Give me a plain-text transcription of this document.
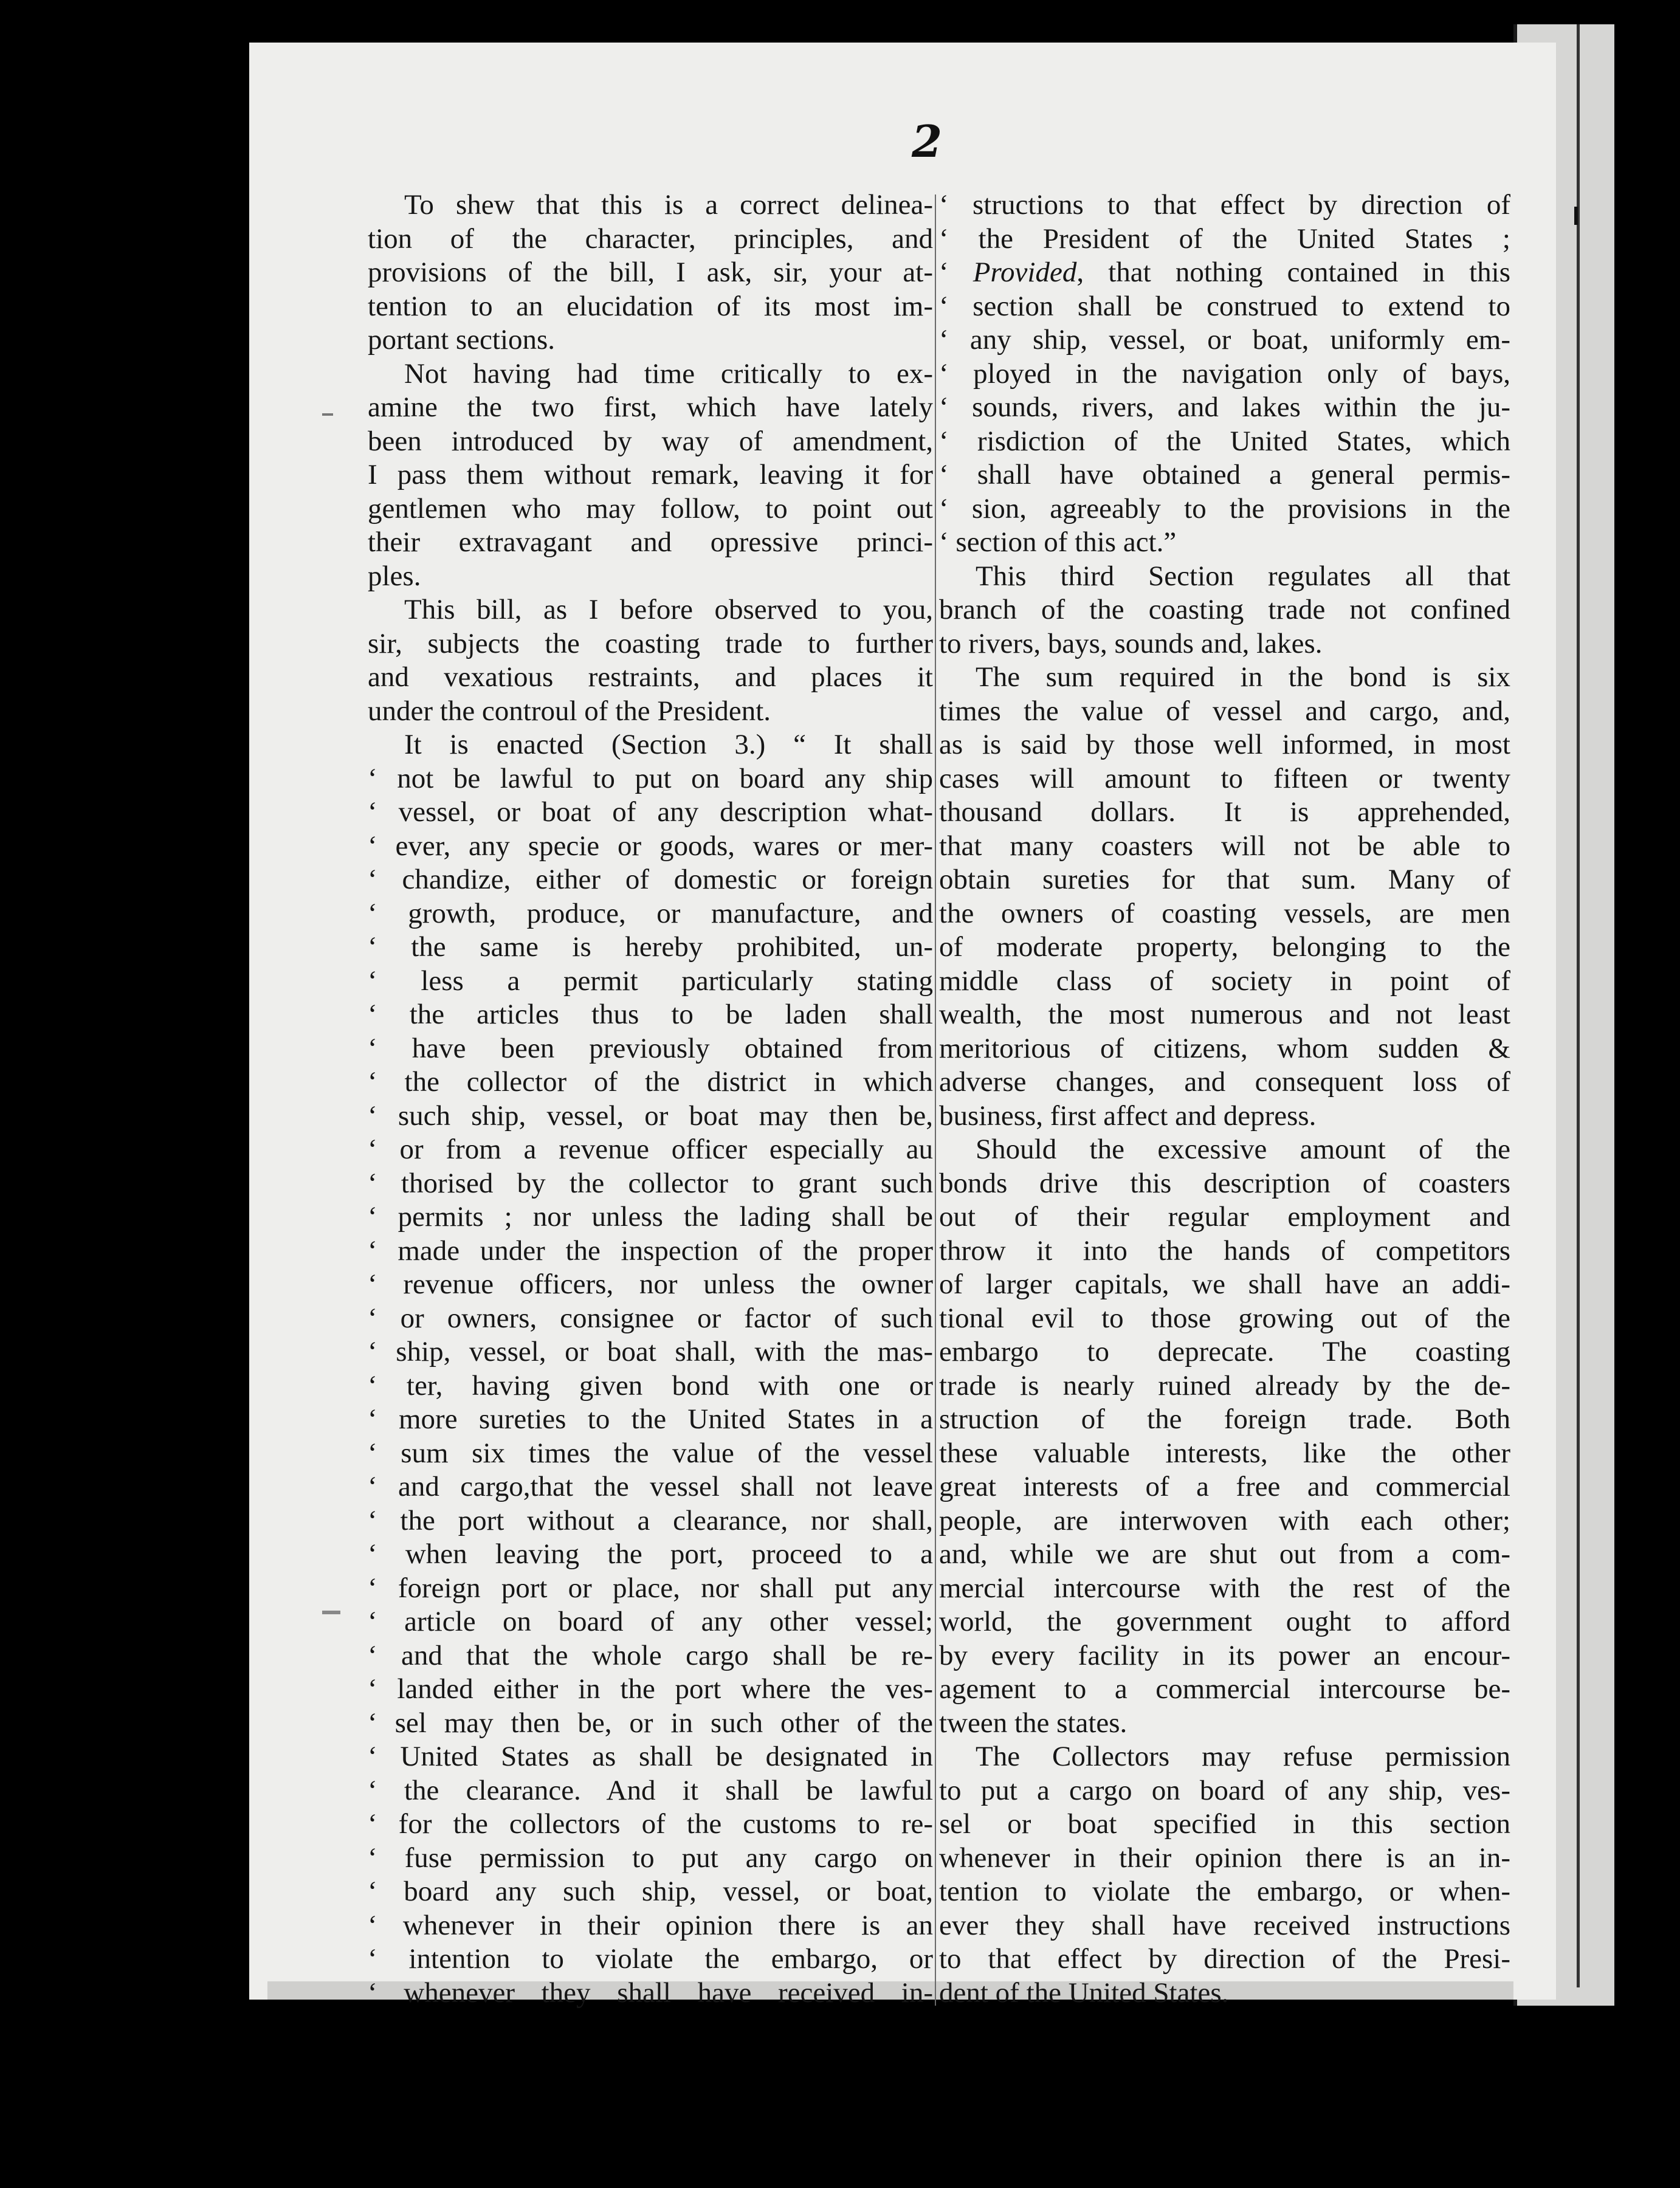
2
To shew that this is a correct delinea-
tion of the character, principles, and
provisions of the bill, I ask, sir, your at-
tention to an elucidation of its most im-
portant sections.
Not having had time critically to ex-
amine the two first, which have lately
been introduced by way of amendment,
I pass them without remark, leaving it for
gentlemen who may follow, to point out
their extravagant and opressive princi-
ples.
This bill, as I before observed to you,
sir, subjects the coasting trade to further
and vexatious restraints, and places it
under the controul of the President.
It is enacted (Section 3.) “ It shall
‘ not be lawful to put on board any ship
‘ vessel, or boat of any description what-
‘ ever, any specie or goods, wares or mer-
‘ chandize, either of domestic or foreign
‘ growth, produce, or manufacture, and
‘ the same is hereby prohibited, un-
‘ less a permit particularly stating
‘ the articles thus to be laden shall
‘ have been previously obtained from
‘ the collector of the district in which
‘ such ship, vessel, or boat may then be,
‘ or from a revenue officer especially au
‘ thorised by the collector to grant such
‘ permits ; nor unless the lading shall be
‘ made under the inspection of the proper
‘ revenue officers, nor unless the owner
‘ or owners, consignee or factor of such
‘ ship, vessel, or boat shall, with the mas-
‘ ter, having given bond with one or
‘ more sureties to the United States in a
‘ sum six times the value of the vessel
‘ and cargo,that the vessel shall not leave
‘ the port without a clearance, nor shall,
‘ when leaving the port, proceed to a
‘ foreign port or place, nor shall put any
‘ article on board of any other vessel;
‘ and that the whole cargo shall be re-
‘ landed either in the port where the ves-
‘ sel may then be, or in such other of the
‘ United States as shall be designated in
‘ the clearance. And it shall be lawful
‘ for the collectors of the customs to re-
‘ fuse permission to put any cargo on
‘ board any such ship, vessel, or boat,
‘ whenever in their opinion there is an
‘ intention to violate the embargo, or
‘ whenever they shall have received in-
‘ structions to that effect by direction of
‘ the President of the United States ;
‘ Provided, that nothing contained in this
‘ section shall be construed to extend to
‘ any ship, vessel, or boat, uniformly em-
‘ ployed in the navigation only of bays,
‘ sounds, rivers, and lakes within the ju-
‘ risdiction of the United States, which
‘ shall have obtained a general permis-
‘ sion, agreeably to the provisions in the
‘ section of this act.”
This third Section regulates all that
branch of the coasting trade not confined
to rivers, bays, sounds and, lakes.
The sum required in the bond is six
times the value of vessel and cargo, and,
as is said by those well informed, in most
cases will amount to fifteen or twenty
thousand dollars. It is apprehended,
that many coasters will not be able to
obtain sureties for that sum. Many of
the owners of coasting vessels, are men
of moderate property, belonging to the
middle class of society in point of
wealth, the most numerous and not least
meritorious of citizens, whom sudden &
adverse changes, and consequent loss of
business, first affect and depress.
Should the excessive amount of the
bonds drive this description of coasters
out of their regular employment and
throw it into the hands of competitors
of larger capitals, we shall have an addi-
tional evil to those growing out of the
embargo to deprecate. The coasting
trade is nearly ruined already by the de-
struction of the foreign trade. Both
these valuable interests, like the other
great interests of a free and commercial
people, are interwoven with each other;
and, while we are shut out from a com-
mercial intercourse with the rest of the
world, the government ought to afford
by every facility in its power an encour-
agement to a commercial intercourse be-
tween the states.
The Collectors may refuse permission
to put a cargo on board of any ship, ves-
sel or boat specified in this section
whenever in their opinion there is an in-
tention to violate the embargo, or when-
ever they shall have received instructions
to that effect by direction of the Presi-
dent of the United States.
